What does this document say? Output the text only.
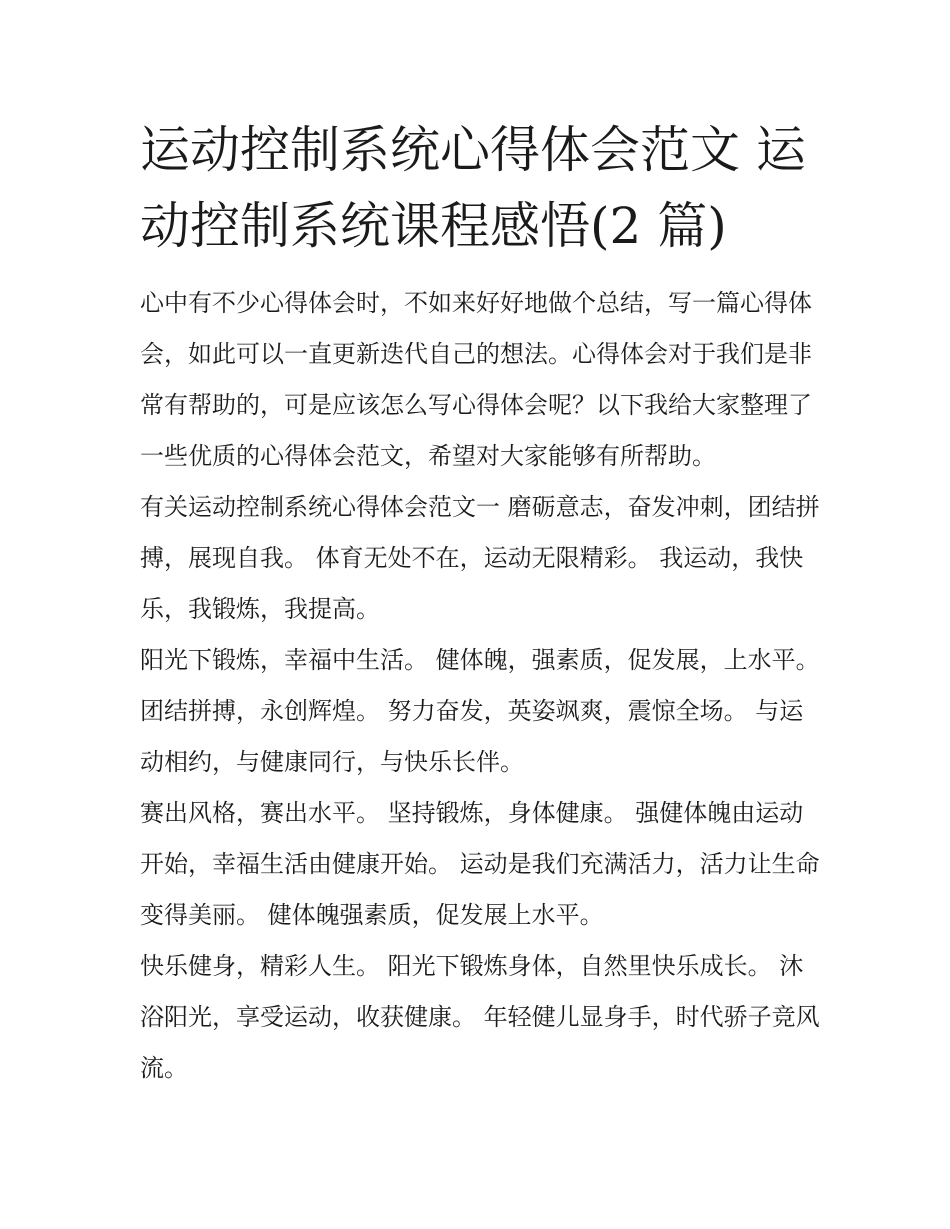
运动控制系统心得体会范文 运动控制系统课程感悟(2 篇)

心中有不少心得体会时，不如来好好地做个总结，写一篇心得体会，如此可以一直更新迭代自己的想法。心得体会对于我们是非常有帮助的，可是应该怎么写心得体会呢？以下我给大家整理了一些优质的心得体会范文，希望对大家能够有所帮助。

有关运动控制系统心得体会范文一 磨砺意志，奋发冲刺，团结拼搏，展现自我。 体育无处不在，运动无限精彩。 我运动，我快乐，我锻炼，我提高。

阳光下锻炼，幸福中生活。 健体魄，强素质，促发展，上水平。 团结拼搏，永创辉煌。 努力奋发，英姿飒爽，震惊全场。 与运动相约，与健康同行，与快乐长伴。

赛出风格，赛出水平。 坚持锻炼，身体健康。 强健体魄由运动开始，幸福生活由健康开始。 运动是我们充满活力，活力让生命变得美丽。 健体魄强素质，促发展上水平。

快乐健身，精彩人生。 阳光下锻炼身体，自然里快乐成长。 沐浴阳光，享受运动，收获健康。 年轻健儿显身手，时代骄子竞风流。
